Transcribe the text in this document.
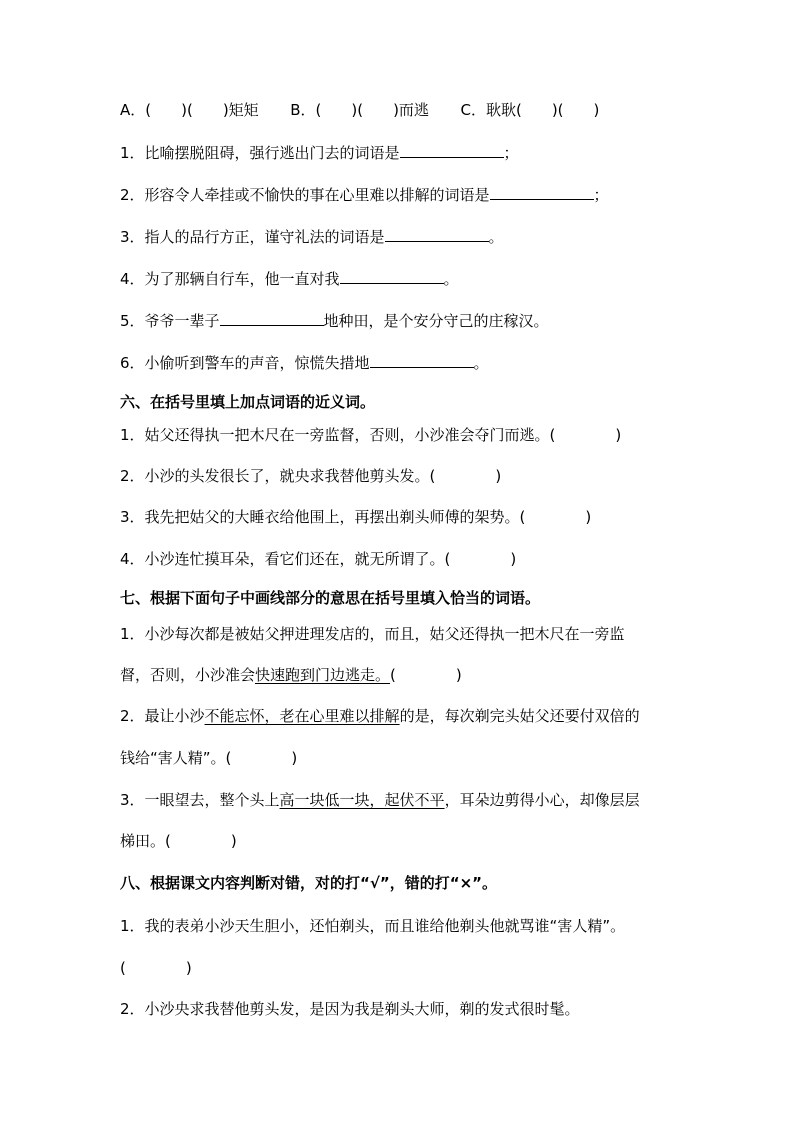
A．(　　)(　　)矩矩 B．(　　)(　　)而逃 C．耿耿(　　)(　　)
1．比喻摆脱阻碍，强行逃出门去的词语是	；
2．形容令人牵挂或不愉快的事在心里难以排解的词语是	；
3．指人的品行方正，谨守礼法的词语是	。
4．为了那辆自行车，他一直对我	。
5．爷爷一辈子	地种田，是个安分守己的庄稼汉。
6．小偷听到警车的声音，惊慌失措地	。
六、在括号里填上加点词语的近义词。
1．姑父还得执一把木尺在一旁监督，否则，小沙准会夺门而逃。(　　　　)
2．小沙的头发很长了，就央求我替他剪头发。(　　　　)
3．我先把姑父的大睡衣给他围上，再摆出剃头师傅的架势。(　　　　)
4．小沙连忙摸耳朵，看它们还在，就无所谓了。(　　　　)
七、根据下面句子中画线部分的意思在括号里填入恰当的词语。
1．小沙每次都是被姑父押进理发店的，而且，姑父还得执一把木尺在一旁监
督，否则，小沙准会快速跑到门边逃走。(　　　　)
2．最让小沙不能忘怀，老在心里难以排解的是，每次剃完头姑父还要付双倍的
钱给“害人精”。(　　　　)
3．一眼望去，整个头上高一块低一块，起伏不平，耳朵边剪得小心，却像层层
梯田。(　　　　)
八、根据课文内容判断对错，对的打“√”，错的打“×”。
1．我的表弟小沙天生胆小，还怕剃头，而且谁给他剃头他就骂谁“害人精”。
(　　　　)
2．小沙央求我替他剪头发，是因为我是剃头大师，剃的发式很时髦。
